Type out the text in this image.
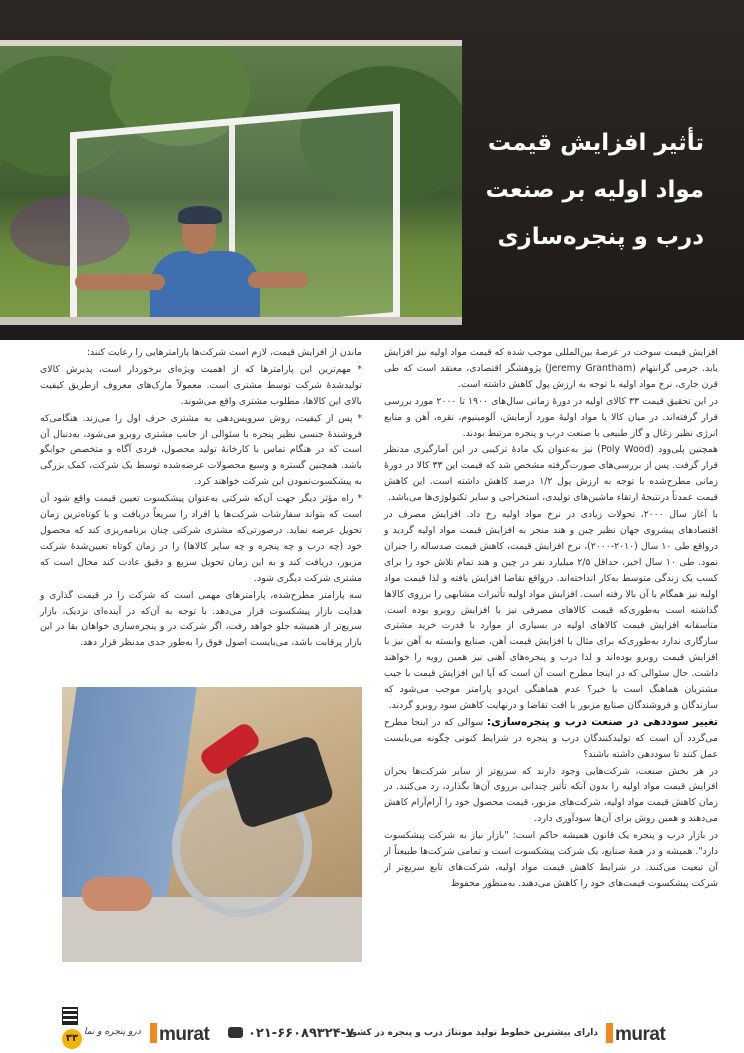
تأثیر افزایش قیمت
مواد اولیه بر صنعت
درب و پنجره‌سازی

افزایش قیمت سوخت در عرصهٔ بین‌المللی موجب شده که قیمت مواد اولیه نیز افزایش یابد. جرمی گرانتهام (Jeremy Grantham) پژوهشگر اقتصادی، معتقد است که طی قرن جاری، نرخ مواد اولیه با توجه به ارزش پول کاهش داشته است.

در این تحقیق قیمت ۳۳ کالای اولیه در دورهٔ زمانی سال‌های ۱۹۰۰ تا ۲۰۰۰ مورد بررسی قرار گرفته‌اند. در میان کالا یا مواد اولیهٔ مورد آزمایش، آلومینیوم، نقره، آهن و منابع انرژی نظیر زغال و گاز طبیعی با صنعت درب و پنجره مرتبط بودند.

همچنین پلی‌وود (Poly Wood) نیز به‌عنوان یک مادهٔ ترکیبی در این آمارگیری مدنظر قرار گرفت. پس از بررسی‌های صورت‌گرفته مشخص شد که قیمت این ۳۳ کالا در دورهٔ زمانی مطرح‌شده با توجه به ارزش پول ۱/۲ درصد کاهش داشته است. این کاهش قیمت عمدتاً درنتیجهٔ ارتقاء ماشین‌های تولیدی، استخراجی و سایر تکنولوژی‌ها می‌باشد.

با آغاز سال ۲۰۰۰، تحولات زیادی در نرخ مواد اولیه رخ داد. افزایش مصرف در اقتصادهای پیشروی جهان نظیر چین و هند منجر به افزایش قیمت مواد اولیه گردید و درواقع طی ۱۰ سال (۲۰۱۰-۲۰۰۰)، نرخ افزایش قیمت، کاهش قیمت صدساله را جبران نمود. طی ۱۰ سال اخیر، حداقل ۲/۵ میلیارد نفر در چین و هند تمام تلاش خود را برای کسب یک زندگی متوسط به‌کار انداخته‌اند. درواقع تقاضا افزایش یافته و لذا قیمت مواد اولیه نیز همگام با آن بالا رفته است. افزایش مواد اولیه تأثیرات مشابهی را برروی کالاها گذاشته است به‌طوری‌که قیمت کالاهای مصرفی نیز با افزایش روبرو بوده است. متأسفانه افزایش قیمت کالاهای اولیه در بسیاری از موارد با قدرت خرید مشتری سازگاری ندارد به‌طوری‌که برای مثال با افزایش قیمت آهن، صنایع وابسته به آهن نیز با افزایش قیمت روبرو بوده‌اند و لذا درب و پنجره‌های آهنی نیز همین رویه را خواهند داشت. حال سئوالی که در اینجا مطرح است آن است که آیا این افزایش قیمت با جیب مشتریان هماهنگ است یا خیر؟ عدم هماهنگی این‌دو پارامتر موجب می‌شود که سازندگان و فروشندگان صنایع مزبور با افت تقاضا و درنهایت کاهش سود روبرو گردند.

تغییر سوددهی در صنعت درب و پنجره‌سازی: سوالی که در اینجا مطرح می‌گردد آن است که تولیدکنندگان درب و پنجره در شرایط کنونی چگونه می‌بایست عمل کنند تا سوددهی داشته باشند؟

در هر بخش صنعت، شرکت‌هایی وجود دارند که سریع‌تر از سایر شرکت‌ها بحران افزایش قیمت مواد اولیه را بدون آنکه تأثیر چندانی برروی آن‌ها بگذارد، رد می‌کنند. در زمان کاهش قیمت مواد اولیه، شرکت‌های مزبور، قیمت محصول خود را آرام‌آرام کاهش می‌دهند و همین روش برای آن‌ها سودآوری دارد.

در بازار درب و پنجره یک قانون همیشه حاکم است: "بازار نیاز به شرکت پیشکسوت دارد". همیشه و در همهٔ صنایع، یک شرکت پیشکسوت است و تمامی شرکت‌ها طبیعتاً از آن تبعیت می‌کنند. در شرایط کاهش قیمت مواد اولیه، شرکت‌های تابع سریع‌تر از شرکت پیشکسوت قیمت‌های خود را کاهش می‌دهند. به‌منظور محفوظ

ماندن از افزایش قیمت، لازم است شرکت‌ها پارامترهایی را رعایت کنند:

* مهم‌ترین این پارامترها که از اهمیت ویژه‌ای برخوردار است، پذیرش کالای تولیدشدهٔ شرکت توسط مشتری است. معمولاً مارک‌های معروف ازطریق کیفیت بالای این کالاها، مطلوب مشتری واقع می‌شوند.

* پس از کیفیت، روش سرویس‌دهی به مشتری حرف اول را می‌زند. هنگامی‌که فروشندهٔ جنسی نظیر پنجره با سئوالی از جانب مشتری روبرو می‌شود، به‌دنبال آن است که در هنگام تماس با کارخانهٔ تولید محصول، فردی آگاه و متخصص جوابگو باشد. همچنین گستره و وسیع محصولات عرضه‌شده توسط یک شرکت، کمک بزرگی به پیشکسوت‌نمودن این شرکت خواهند کرد.

* راه مؤثر دیگر جهت آن‌که شرکتی به‌عنوان پیشکسوت تعیین قیمت واقع شود آن است که بتواند سفارشات شرکت‌ها یا افراد را سریعاً دریافت و با کوتاه‌ترین زمان تحویل عرضه نماید. درصورتی‌که مشتری شرکتی چنان برنامه‌ریزی کند که محصول خود (چه درب و چه پنجره و چه سایر کالاها) را در زمان کوتاه تعیین‌شدهٔ شرکت مزبور، دریافت کند و به این زمان تحویل سریع و دقیق عادت کند محال است که مشتری شرکت دیگری شود.

سه پارامتر مطرح‌شده، پارامترهای مهمی است که شرکت را در قیمت گذاری و هدایت بازار پیشکسوت قرار می‌دهد. با توجه به آن‌که در آینده‌ای نزدیک، بازار سریع‌تر از همیشه جلو خواهد رفت، اگر شرکت در و پنجره‌سازی خواهان بقا در این بازار پرقابت باشد، می‌بایست اصول فوق را به‌طور جدی مدنظر قرار دهد.

murat
دارای بیشترین خطوط تولید مونتاژ درب و پنجره در کشور
۰۲۱-۶۶۰۸۹۳۲۴-۷
murat
۳۳
درو پنجره و نما
